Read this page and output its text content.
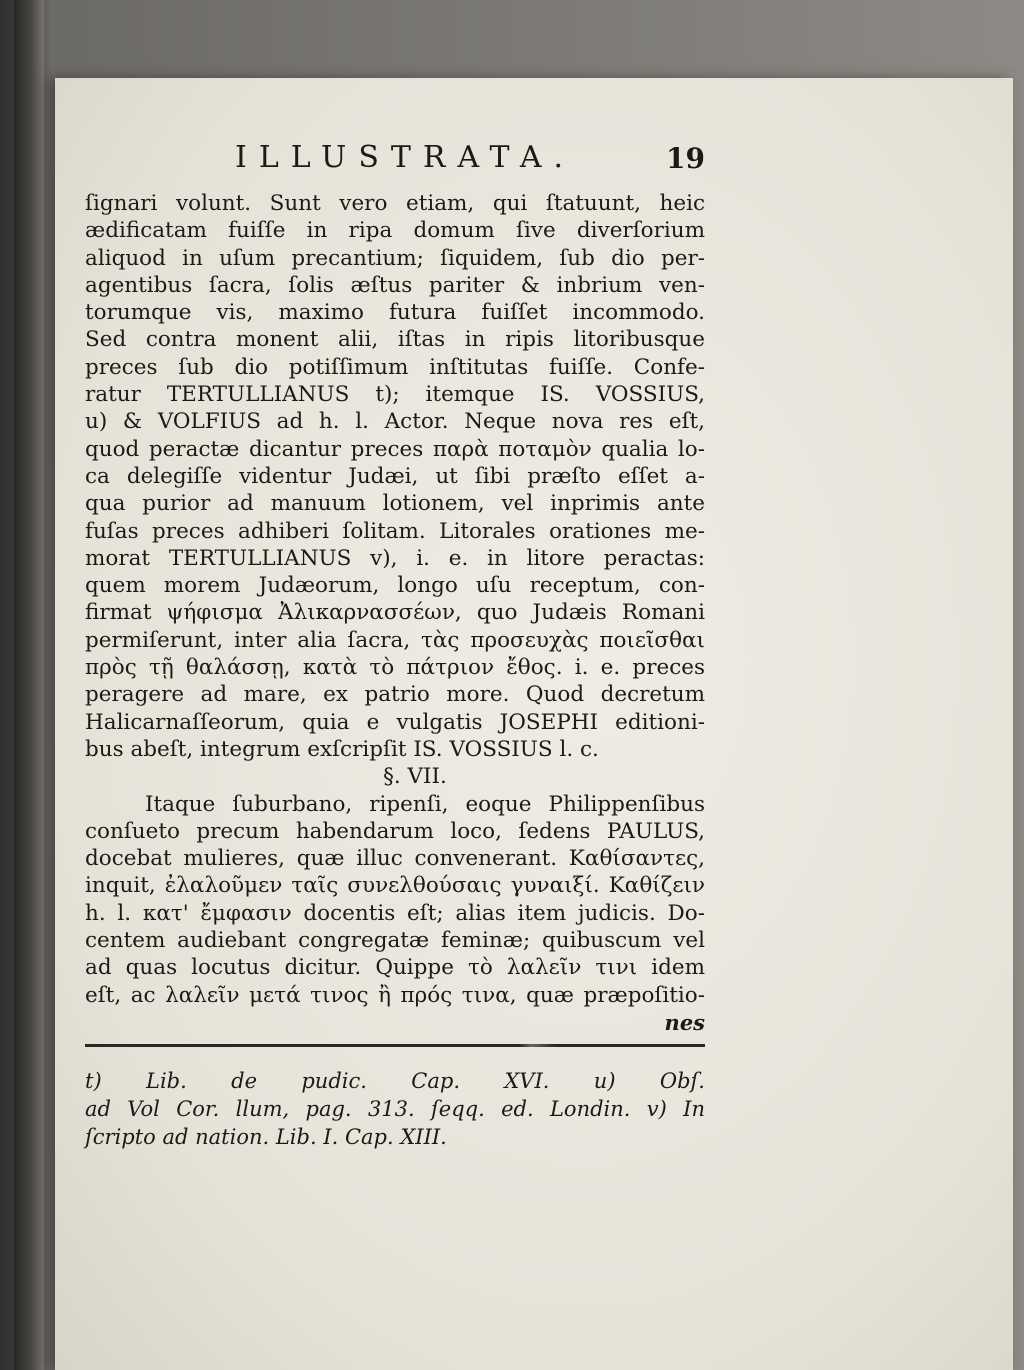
ILLUSTRATA.	19
ſignari volunt. Sunt vero etiam, qui ſtatuunt, heic
ædificatam fuiſſe in ripa domum ſive diverſorium
aliquod in uſum precantium; ſiquidem, ſub dio per-
agentibus ſacra, ſolis æſtus pariter & inbrium ven-
torumque vis, maximo futura fuiſſet incommodo.
Sed contra monent alii, iſtas in ripis litoribusque
preces ſub dio potiſſimum inſtitutas fuiſſe. Confe-
ratur TERTULLIANUS t); itemque IS. VOSSIUS,
u) & VOLFIUS ad h. l. Actor. Neque nova res eſt,
quod peractæ dicantur preces παρὰ ποταμὸν qualia lo-
ca delegiſſe videntur Judæi, ut ſibi præſto eſſet a-
qua purior ad manuum lotionem, vel inprimis ante
fuſas preces adhiberi ſolitam. Litorales orationes me-
morat TERTULLIANUS v), i. e. in litore peractas:
quem morem Judæorum, longo uſu receptum, con-
firmat ψήφισμα Ἀλικαρνασσέων, quo Judæis Romani
permiſerunt, inter alia ſacra, τὰς προσευχὰς ποιεῖσθαι
πρὸς τῇ θαλάσσῃ, κατὰ τὸ πάτριον ἔθος. i. e. preces
peragere ad mare, ex patrio more. Quod decretum
Halicarnaſſeorum, quia e vulgatis JOSEPHI editioni-
bus abeſt, integrum exſcripſit IS. VOSSIUS l. c.
§. VII.
Itaque ſuburbano, ripenſi, eoque Philippenſibus
conſueto precum habendarum loco, ſedens PAULUS,
docebat mulieres, quæ illuc convenerant. Καθίσαντες,
inquit, ἐλαλοῦμεν ταῖς συνελθούσαις γυναιξί. Καθίζειν
h. l. κατ' ἔμφασιν docentis eſt; alias item judicis. Do-
centem audiebant congregatæ feminæ; quibuscum vel
ad quas locutus dicitur. Quippe τὸ λαλεῖν τινι idem
eſt, ac λαλεῖν μετά τινος ἢ πρός τινα, quæ præpoſitio-
nes
t) Lib. de pudic. Cap. XVI. u) Obſ.
ad Vol Cor. llum, pag. 313. ſeqq. ed. Londin. v) In
ſcripto ad nation. Lib. I. Cap. XIII.
